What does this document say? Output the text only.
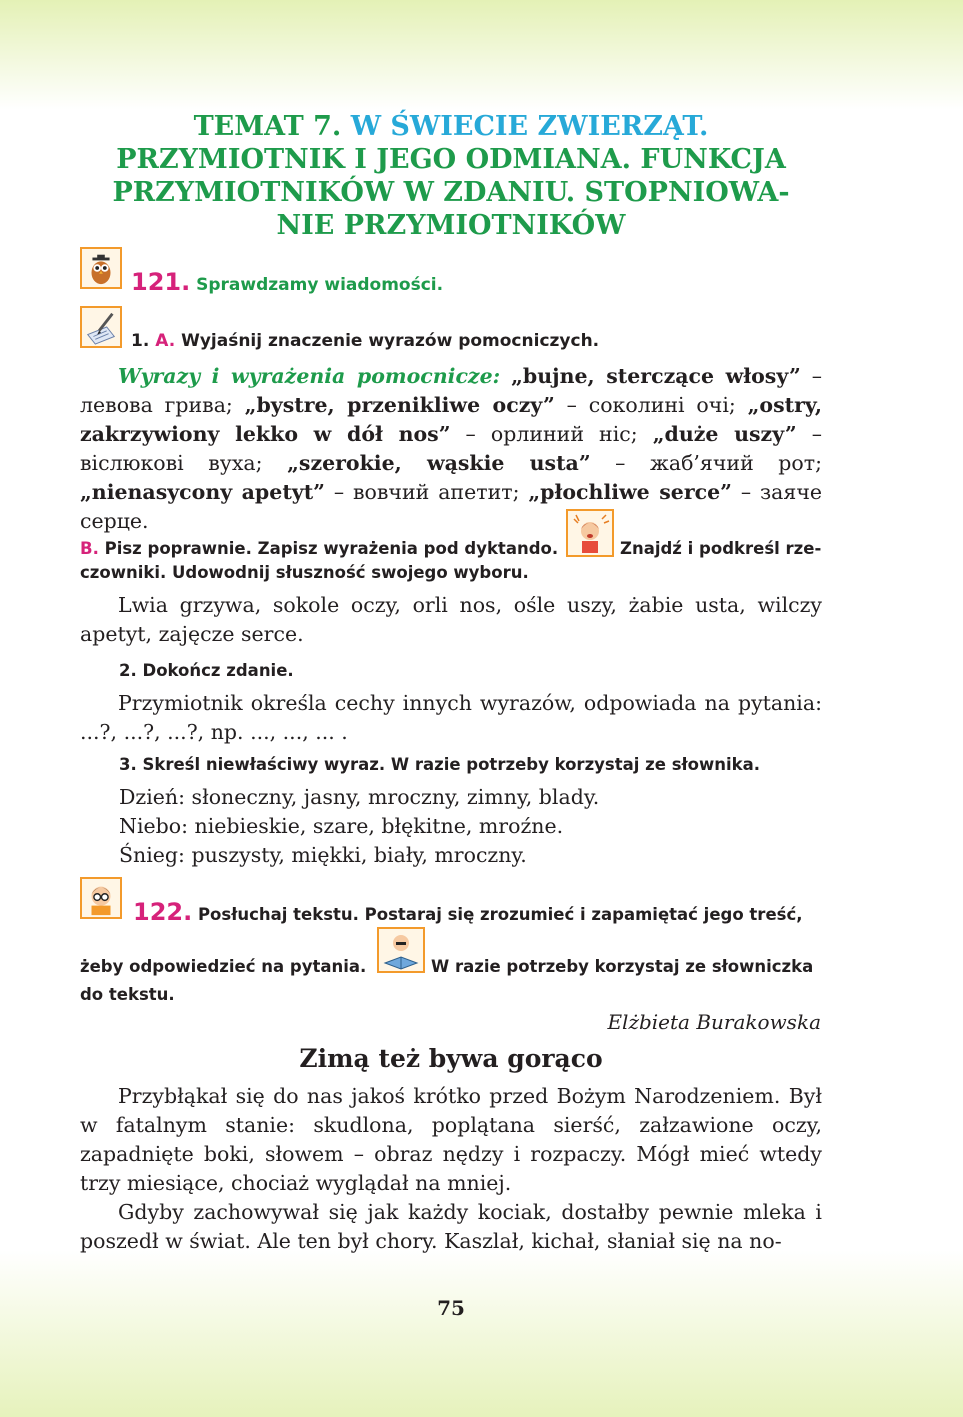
TEMAT 7. W ŚWIECIE ZWIERZĄT.
PRZYMIOTNIK I JEGO ODMIANA. FUNKCJA
PRZYMIOTNIKÓW W ZDANIU. STOPNIOWA-
NIE PRZYMIOTNIKÓW
121. Sprawdzamy wiadomości.
1. A. Wyjaśnij znaczenie wyrazów pomocniczych.
Wyrazy i wyrażenia pomocnicze: „bujne, sterczące włosy” – левова грива; „bystre, przenikliwe oczy” – соколині очі; „ostry, zakrzywiony lekko w dół nos” – орлиний ніс; „duże uszy” – віслюкові вуха; „szerokie, wąskie usta” – жаб’ячий рот; „nienasycony apetyt” – вовчий апетит; „płochliwe serce” – заяче серце.
B. Pisz poprawnie. Zapisz wyrażenia pod dyktando.	Znajdź i podkreśl rze-
czowniki. Udowodnij słuszność swojego wyboru.
Lwia grzywa, sokole oczy, orli nos, ośle uszy, żabie usta, wilczy apetyt, zajęcze serce.
2. Dokończ zdanie.
Przymiotnik określa cechy innych wyrazów, odpowiada na pytania: ...?, ...?, ...?, np. ..., ..., ... .
3. Skreśl niewłaściwy wyraz. W razie potrzeby korzystaj ze słownika.
Dzień: słoneczny, jasny, mroczny, zimny, blady.
Niebo: niebieskie, szare, błękitne, mroźne.
Śnieg: puszysty, miękki, biały, mroczny.
122. Posłuchaj tekstu. Postaraj się zrozumieć i zapamiętać jego treść,
żeby odpowiedzieć na pytania.	W razie potrzeby korzystaj ze słowniczka
do tekstu.
Elżbieta Burakowska
Zimą też bywa gorąco
Przybłąkał się do nas jakoś krótko przed Bożym Narodzeniem. Był w fatalnym stanie: skudlona, poplątana sierść, załzawione oczy, zapadnięte boki, słowem – obraz nędzy i rozpaczy. Mógł mieć wtedy trzy miesiące, chociaż wyglądał na mniej.
Gdyby zachowywał się jak każdy kociak, dostałby pewnie mleka i poszedł w świat. Ale ten był chory. Kaszlał, kichał, słaniał się na no-
75
